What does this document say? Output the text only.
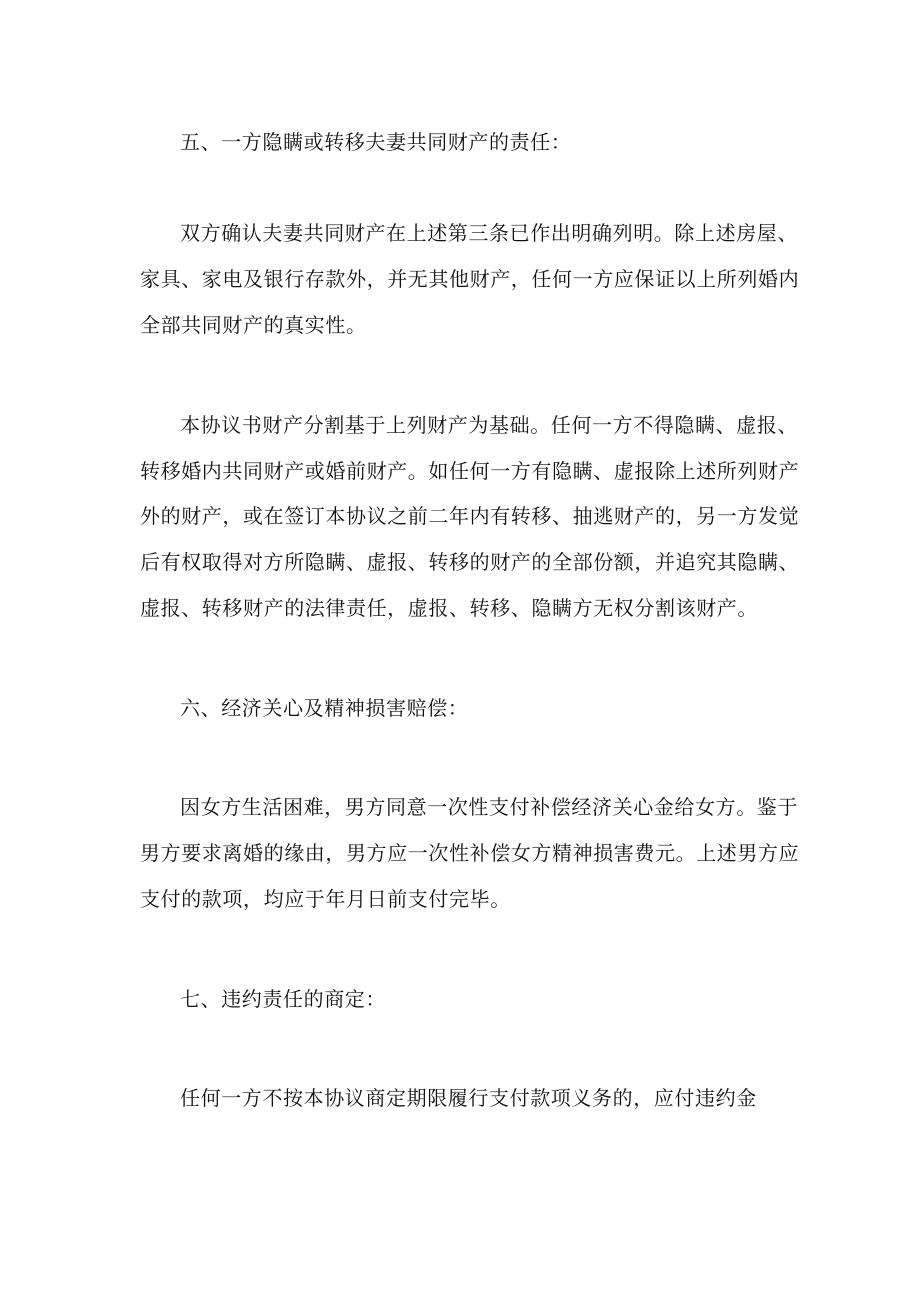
五、一方隐瞒或转移夫妻共同财产的责任：
双方确认夫妻共同财产在上述第三条已作出明确列明。除上述房屋、
家具、家电及银行存款外，并无其他财产，任何一方应保证以上所列婚内
全部共同财产的真实性。
本协议书财产分割基于上列财产为基础。任何一方不得隐瞒、虚报、
转移婚内共同财产或婚前财产。如任何一方有隐瞒、虚报除上述所列财产
外的财产，或在签订本协议之前二年内有转移、抽逃财产的，另一方发觉
后有权取得对方所隐瞒、虚报、转移的财产的全部份额，并追究其隐瞒、
虚报、转移财产的法律责任，虚报、转移、隐瞒方无权分割该财产。
六、经济关心及精神损害赔偿：
因女方生活困难，男方同意一次性支付补偿经济关心金给女方。鉴于
男方要求离婚的缘由，男方应一次性补偿女方精神损害费元。上述男方应
支付的款项，均应于年月日前支付完毕。
七、违约责任的商定：
任何一方不按本协议商定期限履行支付款项义务的，应付违约金
